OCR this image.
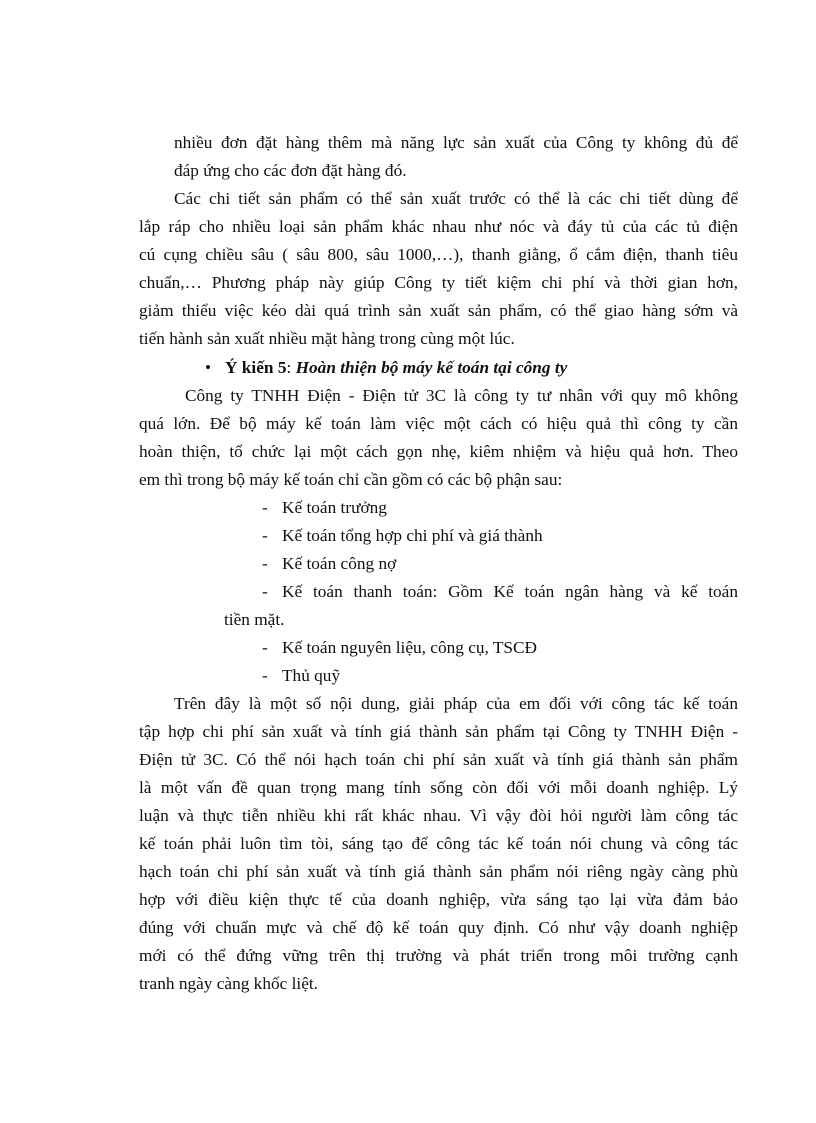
nhiều đơn đặt hàng thêm mà năng lực sản xuất của Công ty không đủ để
đáp ứng cho các đơn đặt hàng đó.
Các chi tiết sản phẩm có thể sản xuất trước có thể là các chi tiết dùng để
lắp ráp cho nhiều loại sản phẩm khác nhau như nóc và đáy tủ của các tủ điện
cú cụng chiều sâu ( sâu 800, sâu 1000,…), thanh giằng, ổ cắm điện, thanh tiêu
chuẩn,… Phương pháp này giúp Công ty tiết kiệm chi phí và thời gian hơn,
giảm thiểu việc kéo dài quá trình sản xuất sản phẩm, có thể giao hàng sớm và
tiến hành sản xuất nhiều mặt hàng trong cùng một lúc.
• Ý kiến 5: Hoàn thiện bộ máy kế toán tại công ty
Công ty TNHH Điện - Điện tử 3C là công ty tư nhân với quy mô không
quá lớn. Để bộ máy kế toán làm việc một cách có hiệu quả thì công ty cần
hoàn thiện, tổ chức lại một cách gọn nhẹ, kiêm nhiệm và hiệu quả hơn. Theo
em thì trong bộ máy kế toán chỉ cần gồm có các bộ phận sau:
- Kế toán trưởng
- Kế toán tổng hợp chi phí và giá thành
- Kế toán công nợ
- Kế toán thanh toán: Gồm Kế toán ngân hàng và kế toán
tiền mặt.
- Kế toán nguyên liệu, công cụ, TSCĐ
- Thủ quỹ
Trên đây là một số nội dung, giải pháp của em đối với công tác kế toán
tập hợp chi phí sản xuất và tính giá thành sản phẩm tại Công ty TNHH Điện -
Điện tử 3C. Có thể nói hạch toán chi phí sản xuất và tính giá thành sản phẩm
là một vấn đề quan trọng mang tính sống còn đối với mỗi doanh nghiệp. Lý
luận và thực tiễn nhiều khi rất khác nhau. Vì vậy đòi hỏi người làm công tác
kế toán phải luôn tìm tòi, sáng tạo để công tác kế toán nói chung và công tác
hạch toán chi phí sản xuất và tính giá thành sản phẩm nói riêng ngày càng phù
hợp với điều kiện thực tế của doanh nghiệp, vừa sáng tạo lại vừa đảm bảo
đúng với chuẩn mực và chế độ kế toán quy định. Có như vậy doanh nghiệp
mới có thể đứng vững trên thị trường và phát triển trong môi trường cạnh
tranh ngày càng khốc liệt.
